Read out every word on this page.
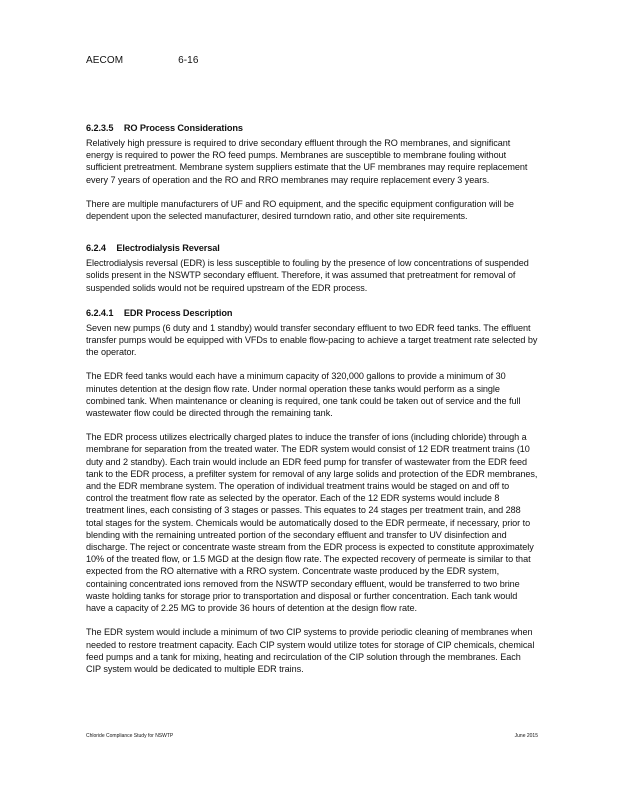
AECOM	6-16
6.2.3.5 RO Process Considerations

Relatively high pressure is required to drive secondary effluent through the RO membranes, and significant energy is required to power the RO feed pumps. Membranes are susceptible to membrane fouling without sufficient pretreatment. Membrane system suppliers estimate that the UF membranes may require replacement every 7 years of operation and the RO and RRO membranes may require replacement every 3 years.

There are multiple manufacturers of UF and RO equipment, and the specific equipment configuration will be dependent upon the selected manufacturer, desired turndown ratio, and other site requirements.

6.2.4 Electrodialysis Reversal

Electrodialysis reversal (EDR) is less susceptible to fouling by the presence of low concentrations of suspended solids present in the NSWTP secondary effluent. Therefore, it was assumed that pretreatment for removal of suspended solids would not be required upstream of the EDR process.

6.2.4.1 EDR Process Description

Seven new pumps (6 duty and 1 standby) would transfer secondary effluent to two EDR feed tanks. The effluent transfer pumps would be equipped with VFDs to enable flow-pacing to achieve a target treatment rate selected by the operator.

The EDR feed tanks would each have a minimum capacity of 320,000 gallons to provide a minimum of 30 minutes detention at the design flow rate. Under normal operation these tanks would perform as a single combined tank. When maintenance or cleaning is required, one tank could be taken out of service and the full wastewater flow could be directed through the remaining tank.

The EDR process utilizes electrically charged plates to induce the transfer of ions (including chloride) through a membrane for separation from the treated water. The EDR system would consist of 12 EDR treatment trains (10 duty and 2 standby). Each train would include an EDR feed pump for transfer of wastewater from the EDR feed tank to the EDR process, a prefilter system for removal of any large solids and protection of the EDR membranes, and the EDR membrane system. The operation of individual treatment trains would be staged on and off to control the treatment flow rate as selected by the operator. Each of the 12 EDR systems would include 8 treatment lines, each consisting of 3 stages or passes. This equates to 24 stages per treatment train, and 288 total stages for the system. Chemicals would be automatically dosed to the EDR permeate, if necessary, prior to blending with the remaining untreated portion of the secondary effluent and transfer to UV disinfection and discharge. The reject or concentrate waste stream from the EDR process is expected to constitute approximately 10% of the treated flow, or 1.5 MGD at the design flow rate. The expected recovery of permeate is similar to that expected from the RO alternative with a RRO system. Concentrate waste produced by the EDR system, containing concentrated ions removed from the NSWTP secondary effluent, would be transferred to two brine waste holding tanks for storage prior to transportation and disposal or further concentration. Each tank would have a capacity of 2.25 MG to provide 36 hours of detention at the design flow rate.

The EDR system would include a minimum of two CIP systems to provide periodic cleaning of membranes when needed to restore treatment capacity. Each CIP system would utilize totes for storage of CIP chemicals, chemical feed pumps and a tank for mixing, heating and recirculation of the CIP solution through the membranes. Each CIP system would be dedicated to multiple EDR trains.

Chloride Compliance Study for NSWTP	June 2015
